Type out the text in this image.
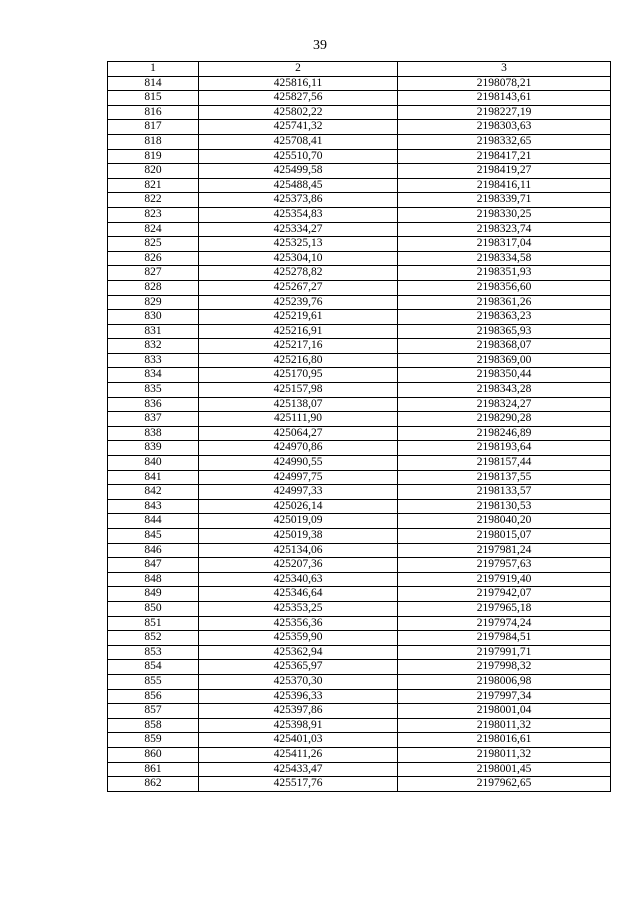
39
1	2	3
814	425816,11	2198078,21
815	425827,56	2198143,61
816	425802,22	2198227,19
817	425741,32	2198303,63
818	425708,41	2198332,65
819	425510,70	2198417,21
820	425499,58	2198419,27
821	425488,45	2198416,11
822	425373,86	2198339,71
823	425354,83	2198330,25
824	425334,27	2198323,74
825	425325,13	2198317,04
826	425304,10	2198334,58
827	425278,82	2198351,93
828	425267,27	2198356,60
829	425239,76	2198361,26
830	425219,61	2198363,23
831	425216,91	2198365,93
832	425217,16	2198368,07
833	425216,80	2198369,00
834	425170,95	2198350,44
835	425157,98	2198343,28
836	425138,07	2198324,27
837	425111,90	2198290,28
838	425064,27	2198246,89
839	424970,86	2198193,64
840	424990,55	2198157,44
841	424997,75	2198137,55
842	424997,33	2198133,57
843	425026,14	2198130,53
844	425019,09	2198040,20
845	425019,38	2198015,07
846	425134,06	2197981,24
847	425207,36	2197957,63
848	425340,63	2197919,40
849	425346,64	2197942,07
850	425353,25	2197965,18
851	425356,36	2197974,24
852	425359,90	2197984,51
853	425362,94	2197991,71
854	425365,97	2197998,32
855	425370,30	2198006,98
856	425396,33	2197997,34
857	425397,86	2198001,04
858	425398,91	2198011,32
859	425401,03	2198016,61
860	425411,26	2198011,32
861	425433,47	2198001,45
862	425517,76	2197962,65
